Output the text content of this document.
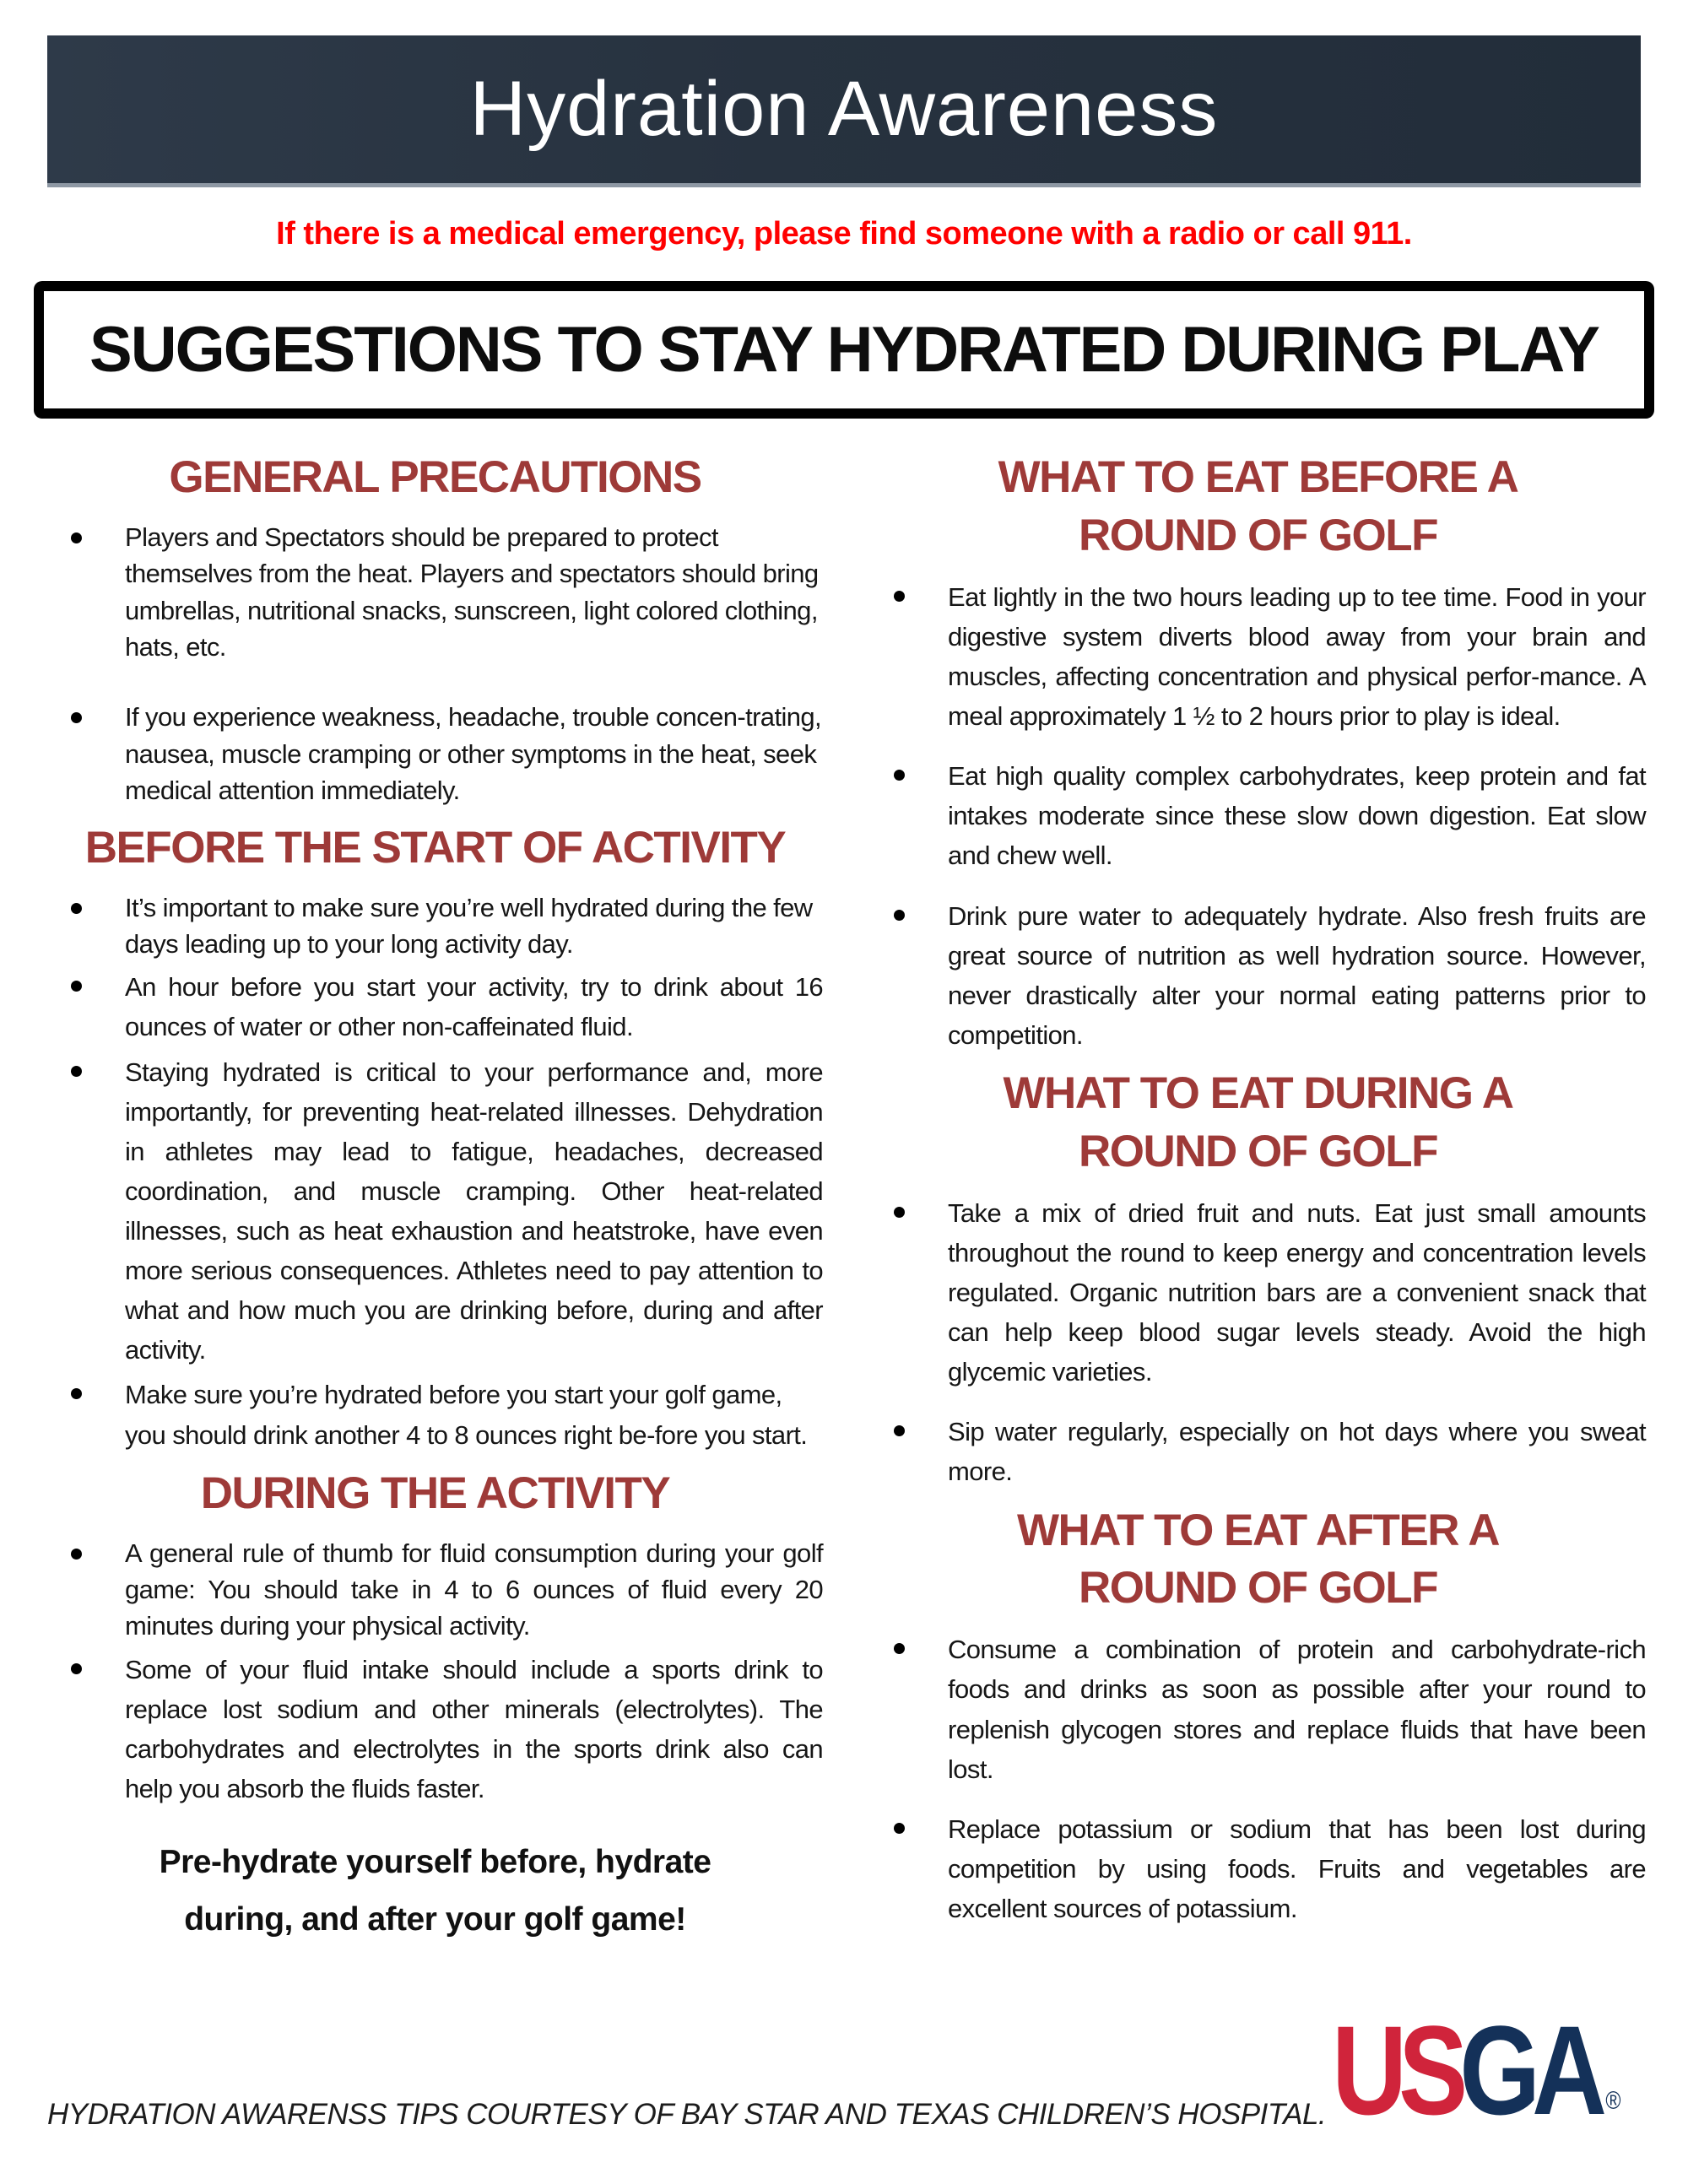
Hydration Awareness

If there is a medical emergency, please find someone with a radio or call 911.

SUGGESTIONS TO STAY HYDRATED DURING PLAY
GENERAL PRECAUTIONS
Players and Spectators should be prepared to protect themselves from the heat. Players and spectators should bring umbrellas, nutritional snacks, sunscreen, light colored clothing, hats, etc.
If you experience weakness, headache, trouble concen-trating, nausea, muscle cramping or other symptoms in the heat, seek medical attention immediately.
BEFORE THE START OF ACTIVITY
It’s important to make sure you’re well hydrated during the few days leading up to your long activity day.
An hour before you start your activity, try to drink about 16 ounces of water or other non-caffeinated fluid.
Staying hydrated is critical to your performance and, more importantly, for preventing heat-related illnesses. Dehydration in athletes may lead to fatigue, headaches, decreased coordination, and muscle cramping. Other heat-related illnesses, such as heat exhaustion and heatstroke, have even more serious consequences. Athletes need to pay attention to what and how much you are drinking before, during and after activity.
Make sure you’re hydrated before you start your golf game, you should drink another 4 to 8 ounces right be-fore you start.
DURING THE ACTIVITY
A general rule of thumb for fluid consumption during your golf game: You should take in 4 to 6 ounces of fluid every 20 minutes during your physical activity.
Some of your fluid intake should include a sports drink to replace lost sodium and other minerals (electrolytes). The carbohydrates and electrolytes in the sports drink also can help you absorb the fluids faster.

Pre-hydrate yourself before, hydrate
during, and after your golf game!

WHAT TO EAT BEFORE A
ROUND OF GOLF
Eat lightly in the two hours leading up to tee time. Food in your digestive system diverts blood away from your brain and muscles, affecting concentration and physical perfor-mance. A meal approximately 1 ½ to 2 hours prior to play is ideal.
Eat high quality complex carbohydrates, keep protein and fat intakes moderate since these slow down digestion. Eat slow and chew well.
Drink pure water to adequately hydrate. Also fresh fruits are great source of nutrition as well hydration source. However, never drastically alter your normal eating patterns prior to competition.
WHAT TO EAT DURING A
ROUND OF GOLF
Take a mix of dried fruit and nuts. Eat just small amounts throughout the round to keep energy and concentration levels regulated. Organic nutrition bars are a convenient snack that can help keep blood sugar levels steady. Avoid the high glycemic varieties.
Sip water regularly, especially on hot days where you sweat more.
WHAT TO EAT AFTER A
ROUND OF GOLF
Consume a combination of protein and carbohydrate-rich foods and drinks as soon as possible after your round to replenish glycogen stores and replace fluids that have been lost.
Replace potassium or sodium that has been lost during competition by using foods. Fruits and vegetables are excellent sources of potassium.

HYDRATION AWARENSS TIPS COURTESY OF BAY STAR AND TEXAS CHILDREN’S HOSPITAL. USGA ®
